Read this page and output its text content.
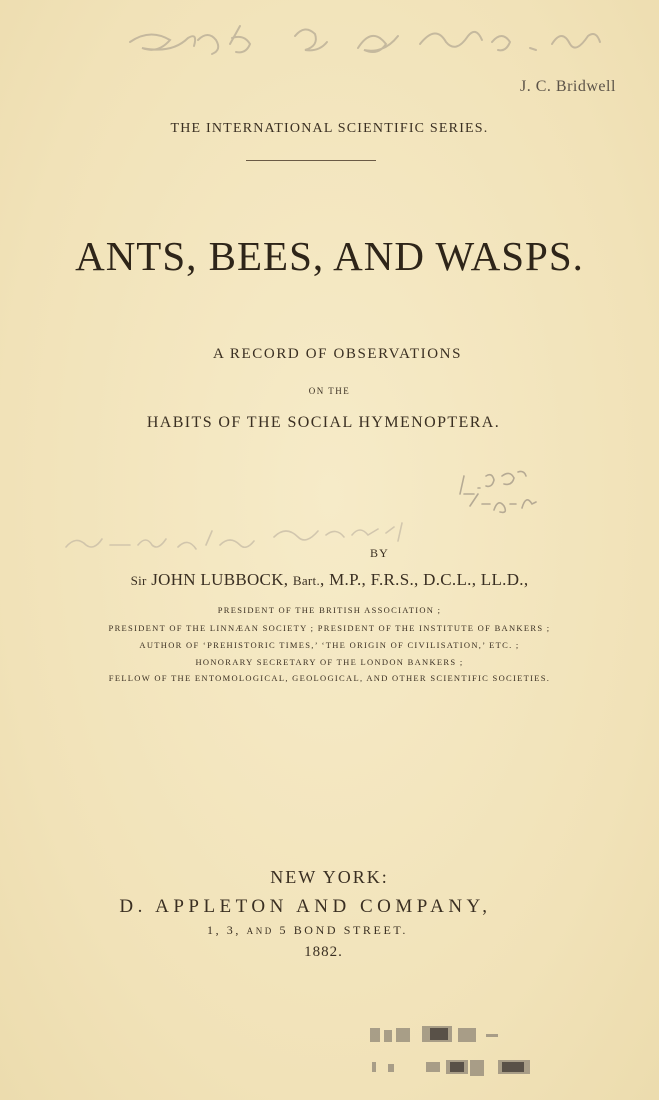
J. C. Bridwell
THE INTERNATIONAL SCIENTIFIC SERIES.
ANTS, BEES, AND WASPS.
A RECORD OF OBSERVATIONS
ON THE
HABITS OF THE SOCIAL HYMENOPTERA.
BY
Sir JOHN LUBBOCK, Bart., M.P., F.R.S., D.C.L., LL.D.,
PRESIDENT OF THE BRITISH ASSOCIATION ;
PRESIDENT OF THE LINNÆAN SOCIETY ; PRESIDENT OF THE INSTITUTE OF BANKERS ;
AUTHOR OF ‘PREHISTORIC TIMES,’ ‘THE ORIGIN OF CIVILISATION,’ ETC. ;
HONORARY SECRETARY OF THE LONDON BANKERS ;
FELLOW OF THE ENTOMOLOGICAL, GEOLOGICAL, AND OTHER SCIENTIFIC SOCIETIES.
NEW YORK:
D. APPLETON AND COMPANY,
1, 3, AND 5 BOND STREET.
1882.
